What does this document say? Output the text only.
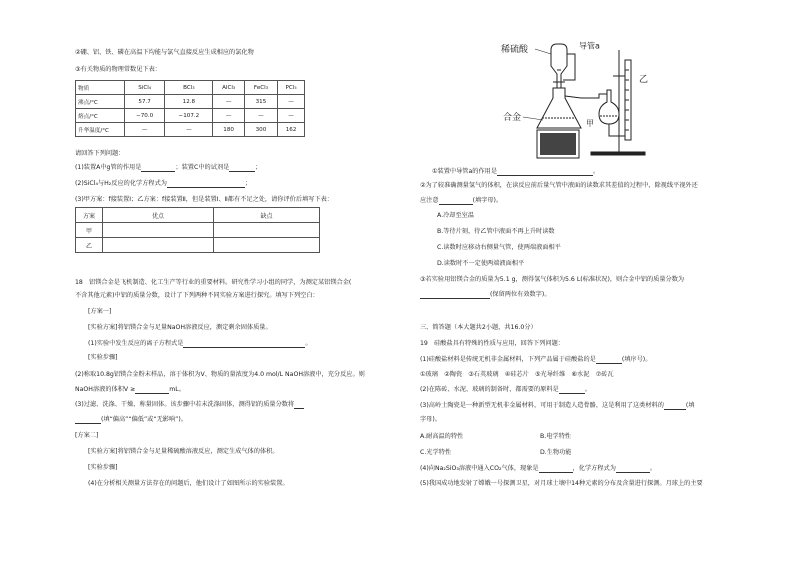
②硼、铝、铁、磷在高温下均能与氯气直接反应生成相应的氯化物
③有关物质的物理常数见下表：
物质	SiCl₄	BCl₃	AlCl₃	FeCl₃	PCl₅
沸点/°C	57.7	12.8	—	315	—
熔点/°C	−70.0	−107.2	—	—	—
升华温度/°C	—	—	180	300	162
请回答下列问题：
(1)装置A中g管的作用是	；装置C中的试剂是	；
(2)SiCl₄与H₂反应的化学方程式为	；
(3)甲方案：f接装置Ⅰ；乙方案：f接装置Ⅱ，但是装置Ⅰ、Ⅱ都有不足之处，请你评价后填写下表：
方案	优点	缺点
甲		
乙		
18　铝镁合金是飞机制造、化工生产等行业的重要材料。研究性学习小组的同学，为测定某铝镁合金(
不含其他元素)中铝的质量分数，设计了下列两种不同实验方案进行探究。填写下列空白：
[方案一]
[实验方案]将铝镁合金与足量NaOH溶液反应，测定剩余固体质量。
(1)实验中发生反应的离子方程式是	。
[实验步骤]
(2)称取10.8g铝镁合金粉末样品，溶于体积为V、物质的量浓度为4.0 mol/L NaOH溶液中，充分反应。则
NaOH溶液的体积V ≥	mL。
(3)过滤、洗涤、干燥、称量固体。该步骤中若未洗涤固体，测得铝的质量分数将
(填“偏高”“偏低”或“无影响”)。
[方案二]
[实验方案]将铝镁合金与足量稀硫酸溶液反应，测定生成气体的体积。
[实验步骤]
(4)在分析相关测量方法存在的问题后，他们设计了如图所示的实验装置。
稀硫酸	导管a
合金
甲
乙
①装置中导管a的作用是	。
②为了较准确测量氢气的体积，在读反应前后量气管中液面的读数求其差值的过程中，除视线平视外还
应注意	(填字母)。
A.冷却至室温
B.等待片刻，待乙管中液面不再上升时读数
C.读数时应移动右侧量气管，使两端液面相平
D.读数时不一定使两端液面相平
③若实验用铝镁合金的质量为5.1 g，测得氢气体积为5.6 L(标准状况)，则合金中铝的质量分数为
(保留两位有效数字)。
三、简答题（本大题共2小题，共16.0分）
19　硅酸盐具有特殊的性质与应用，回答下列问题：
(1)硅酸盐材料是传统无机非金属材料，下列产品属于硅酸盐的是	(填序号)。
①玻璃　②陶瓷　③石英玻璃　④硅芯片　⑤光导纤维　⑥水泥　⑦砖瓦
(2)在陈砖、水泥、玻璃的制备时，都需要的原料是	。
(3)高岭土陶瓷是一种新型无机非金属材料，可用于制造人造骨骼，这是利用了这类材料的	(填
字母)。
A.耐高温的特性	B.电学特性
C.光学特性	D.生物功能
(4)向Na₂SiO₃溶液中通入CO₂气体，现象是	，化学方程式为	。
(5)我国成功地发射了嫦娥一号探测卫星，对月球土壤中14种元素的分布及含量进行探测。月球上的主要
